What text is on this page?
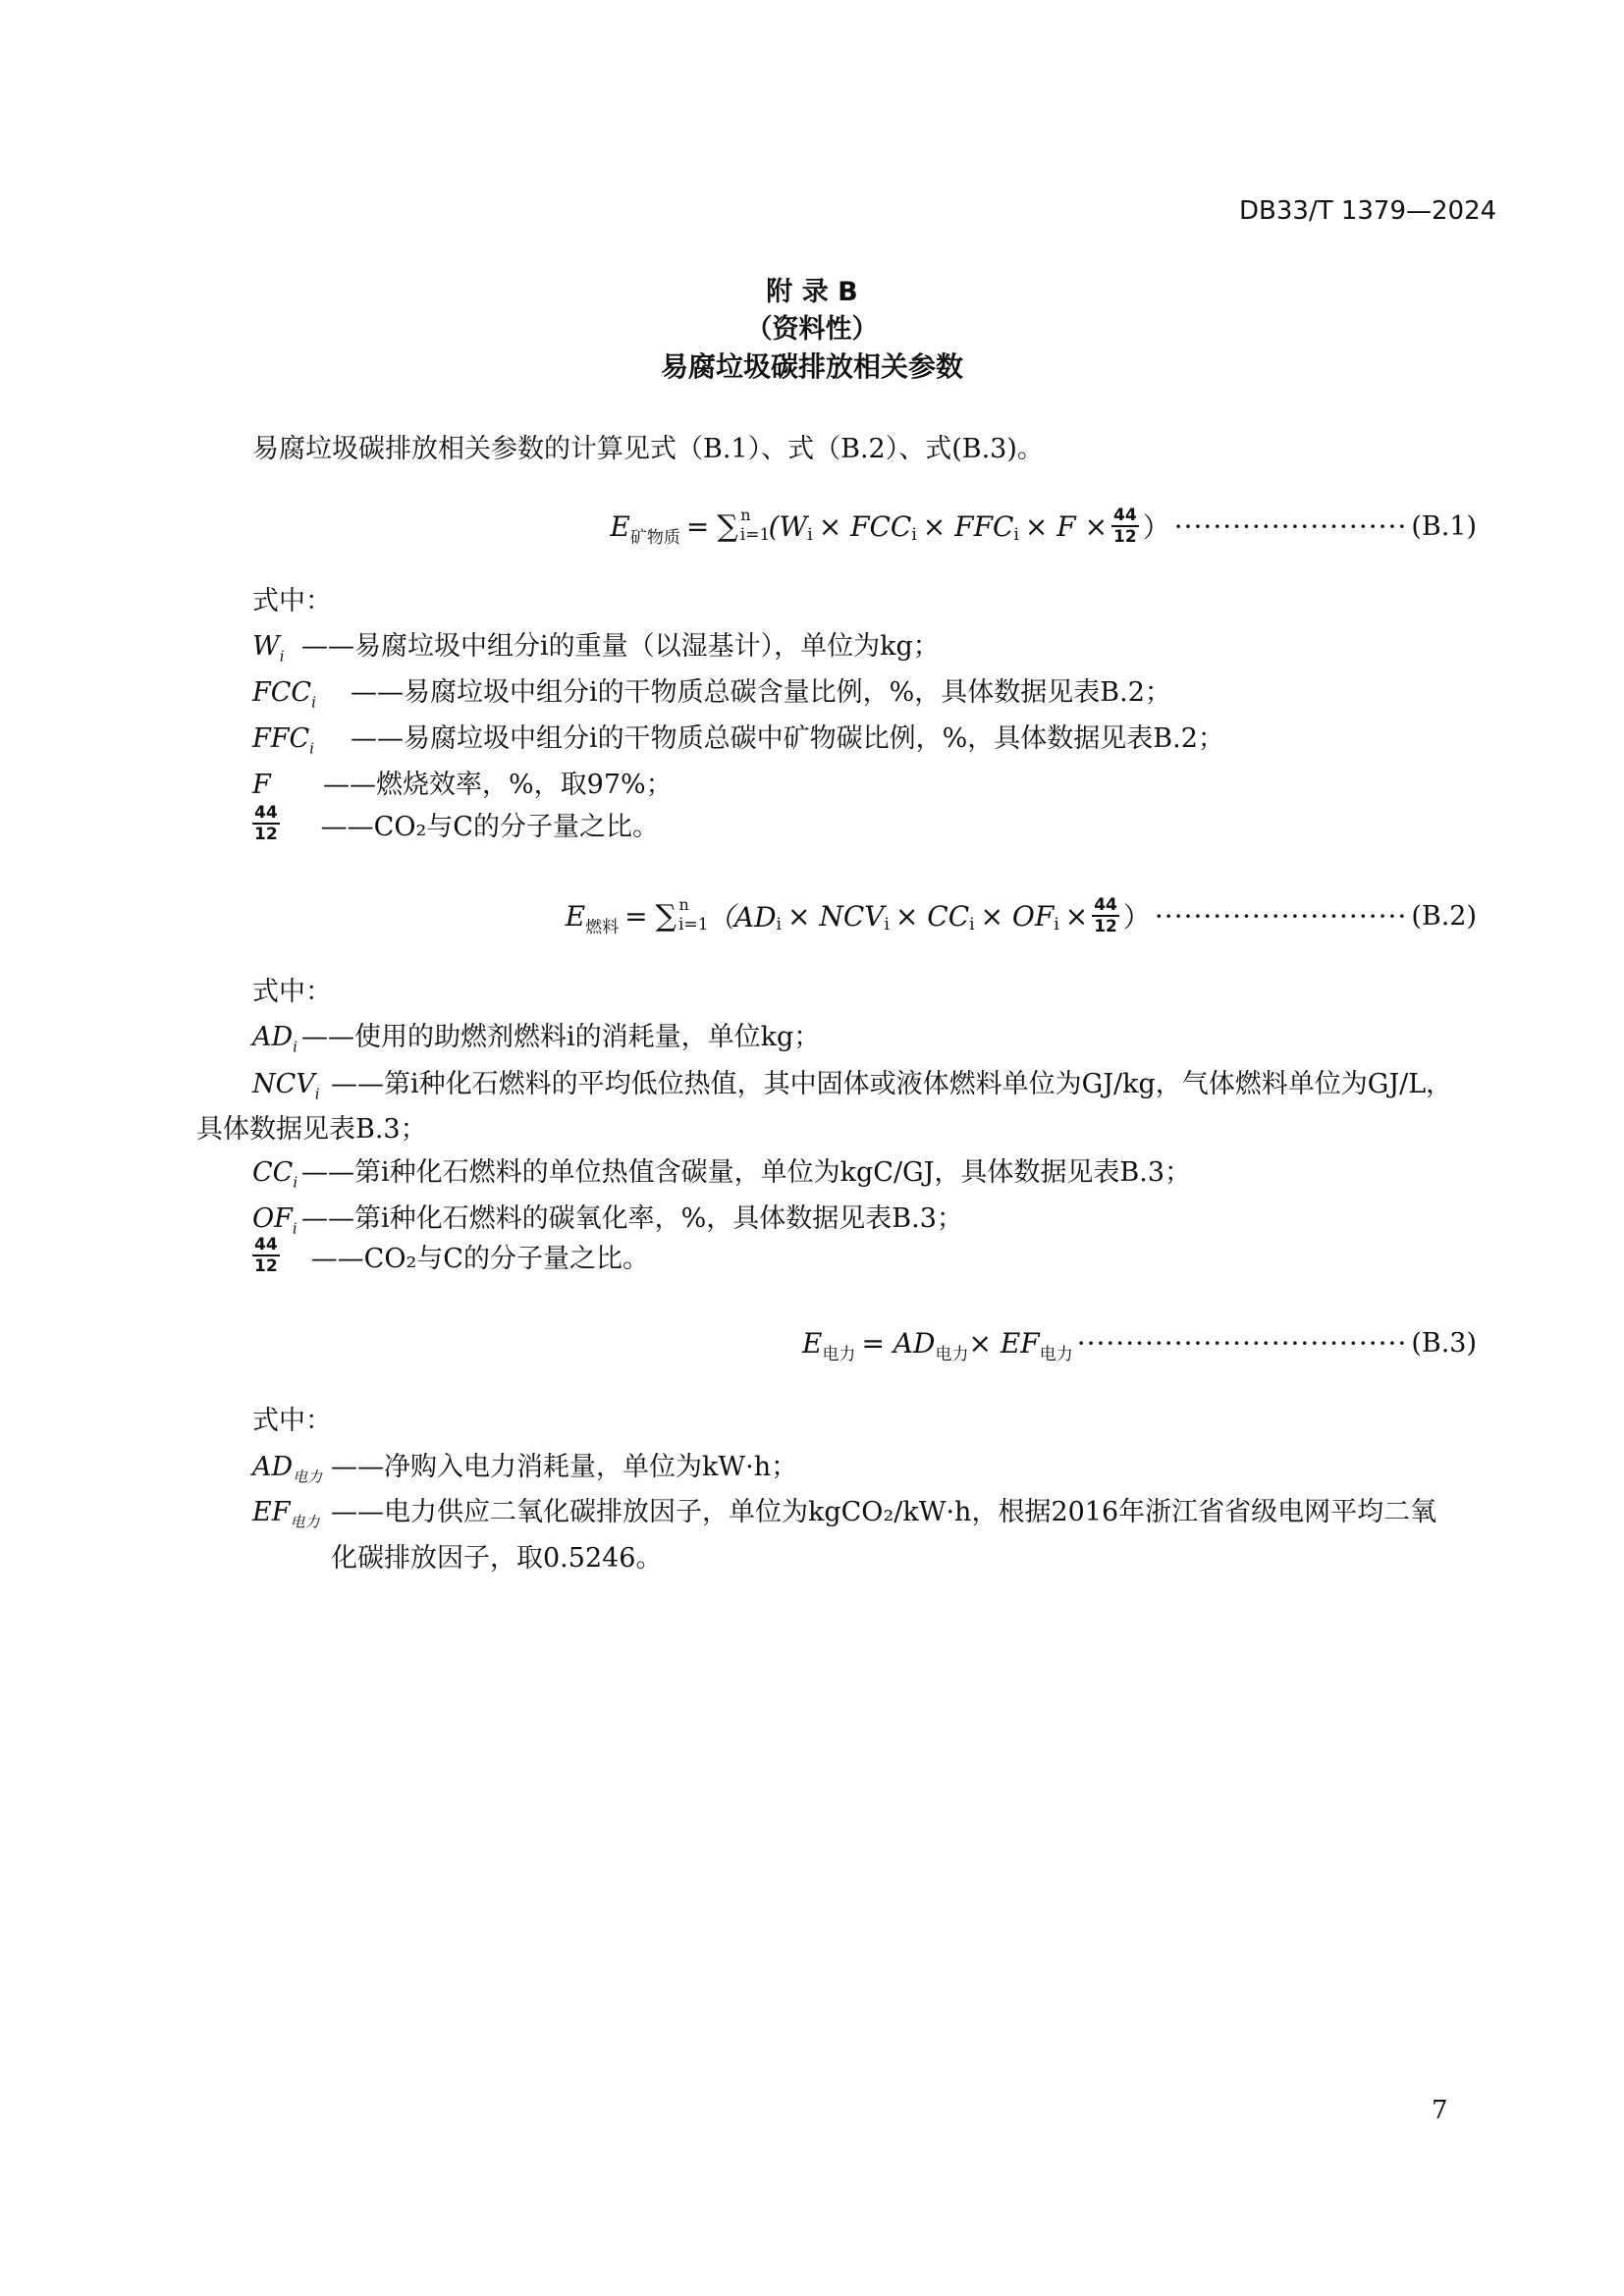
DB33/T 1379—2024
附 录 B
（资料性）
易腐垃圾碳排放相关参数
易腐垃圾碳排放相关参数的计算见式（B.1）、式（B.2）、式(B.3)。
E 矿物质 = ∑ i=1
n (W i × FCC i × FFC $i \times F \times \frac{44}{12}$ ） ························ (B.1)
式中：
$W_i$ ——易腐垃圾中组分i的重量（以湿基计），单位为kg；
$FCC_i$	——易腐垃圾中组分i的干物质总碳含量比例，%，具体数据见表B.2；
$FFC_i$	——易腐垃圾中组分i的干物质总碳中矿物碳比例，%，具体数据见表B.2；
F	——燃烧效率，%，取97%；
$\frac{44}{12}$ ——CO₂与C的分子量之比。
E 燃料 = ∑ i=1
n （AD i × NCV i × CC i × OF $i \times \frac{44}{12}$ ） ·························· (B.2)
式中：
$AD_i$ ——使用的助燃剂燃料i的消耗量，单位kg；
$NCV_i$ ——第i种化石燃料的平均低位热值，其中固体或液体燃料单位为GJ/kg，气体燃料单位为GJ/L，
具体数据见表B.3；
$CC_i$ ——第i种化石燃料的单位热值含碳量，单位为kgC/GJ，具体数据见表B.3；
$OF_i$ ——第i种化石燃料的碳氧化率，%，具体数据见表B.3；
$\frac{44}{12}$ ——CO₂与C的分子量之比。
E 电力 = AD 电力 × EF 电力 ·································· (B.3)
式中：
$AD_{电力}$ ——净购入电力消耗量，单位为kW·h；
$EF_{电力}$ ——电力供应二氧化碳排放因子，单位为kgCO₂/kW·h，根据2016年浙江省省级电网平均二氧
化碳排放因子，取0.5246。
7
